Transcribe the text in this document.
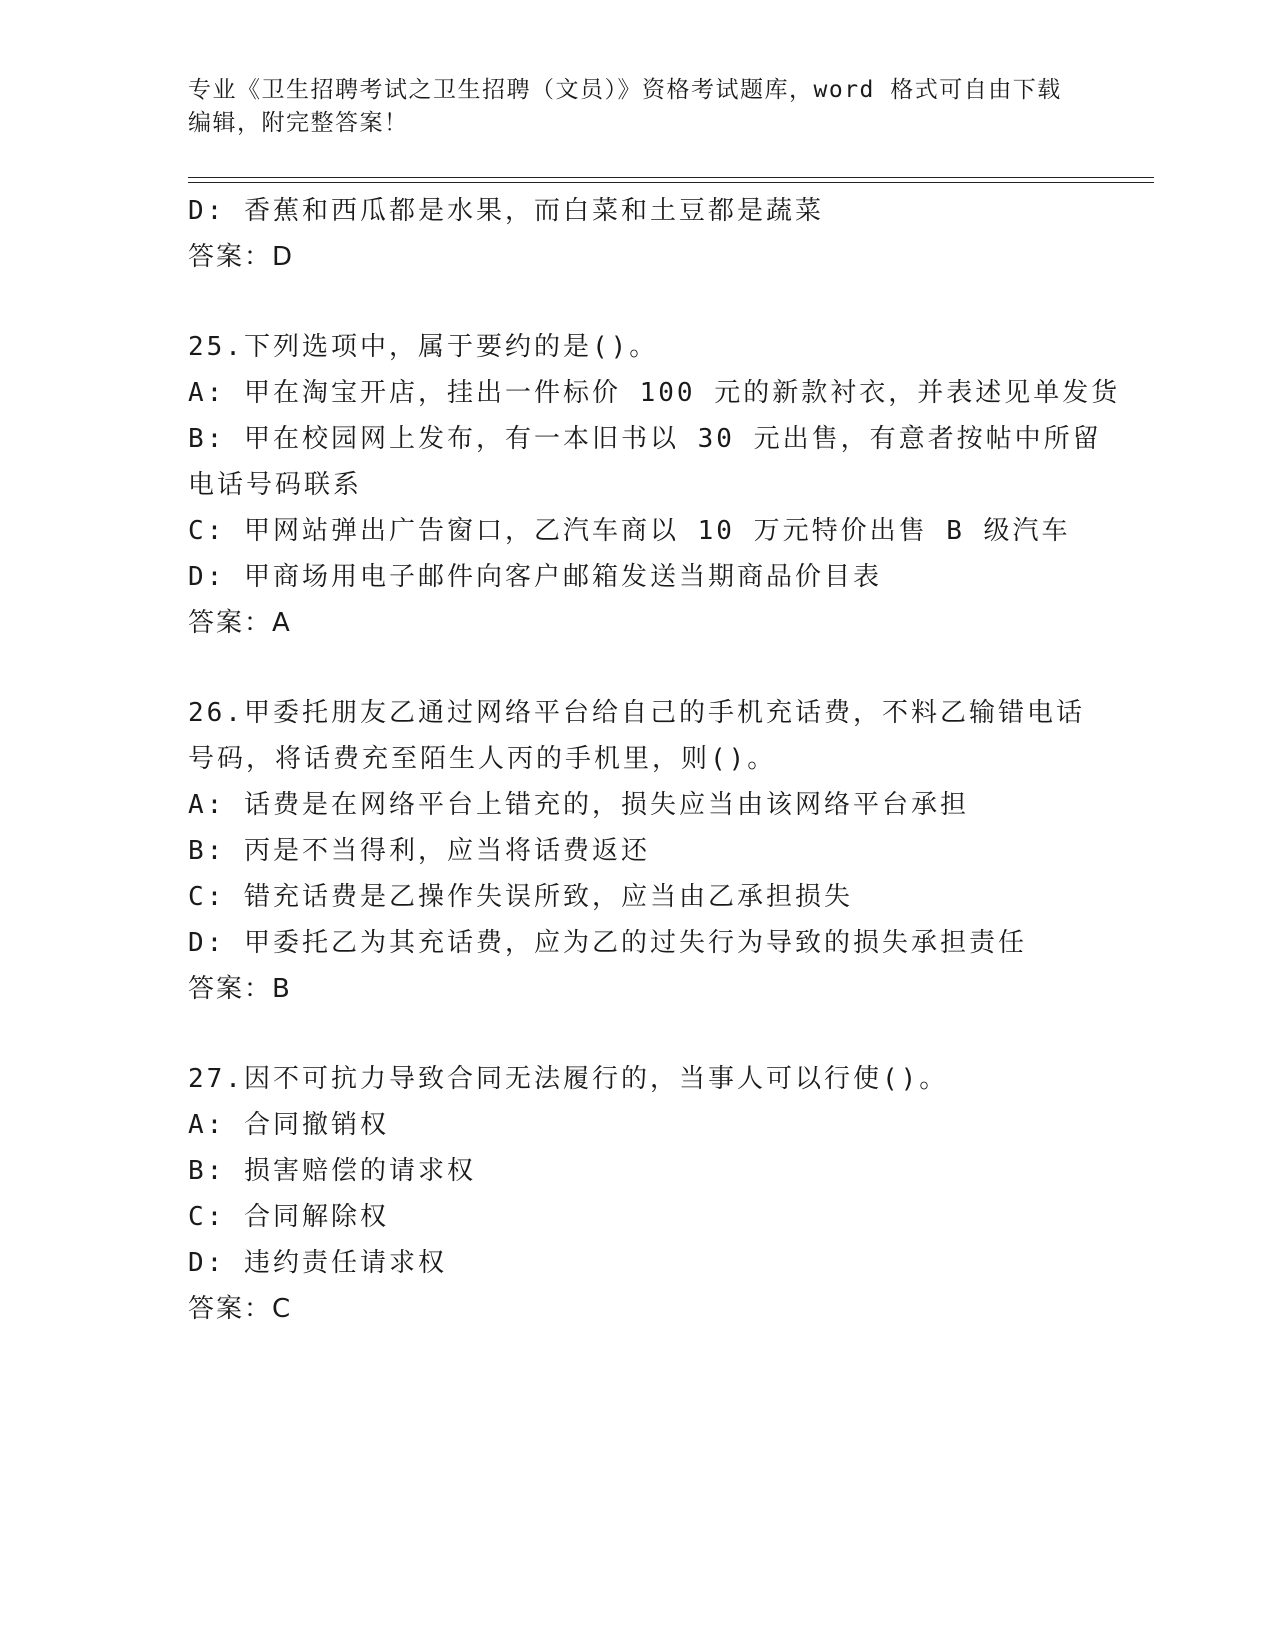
专业《卫生招聘考试之卫生招聘（文员）》资格考试题库，word 格式可自由下载
编辑，附完整答案！
D: 香蕉和西瓜都是水果，而白菜和土豆都是蔬菜
答案：D
25.下列选项中，属于要约的是()。
A: 甲在淘宝开店，挂出一件标价 100 元的新款衬衣，并表述见单发货
B: 甲在校园网上发布，有一本旧书以 30 元出售，有意者按帖中所留
电话号码联系
C: 甲网站弹出广告窗口，乙汽车商以 10 万元特价出售 B 级汽车
D: 甲商场用电子邮件向客户邮箱发送当期商品价目表
答案：A
26.甲委托朋友乙通过网络平台给自己的手机充话费，不料乙输错电话
号码，将话费充至陌生人丙的手机里，则()。
A: 话费是在网络平台上错充的，损失应当由该网络平台承担
B: 丙是不当得利，应当将话费返还
C: 错充话费是乙操作失误所致，应当由乙承担损失
D: 甲委托乙为其充话费，应为乙的过失行为导致的损失承担责任
答案：B
27.因不可抗力导致合同无法履行的，当事人可以行使()。
A: 合同撤销权
B: 损害赔偿的请求权
C: 合同解除权
D: 违约责任请求权
答案：C
